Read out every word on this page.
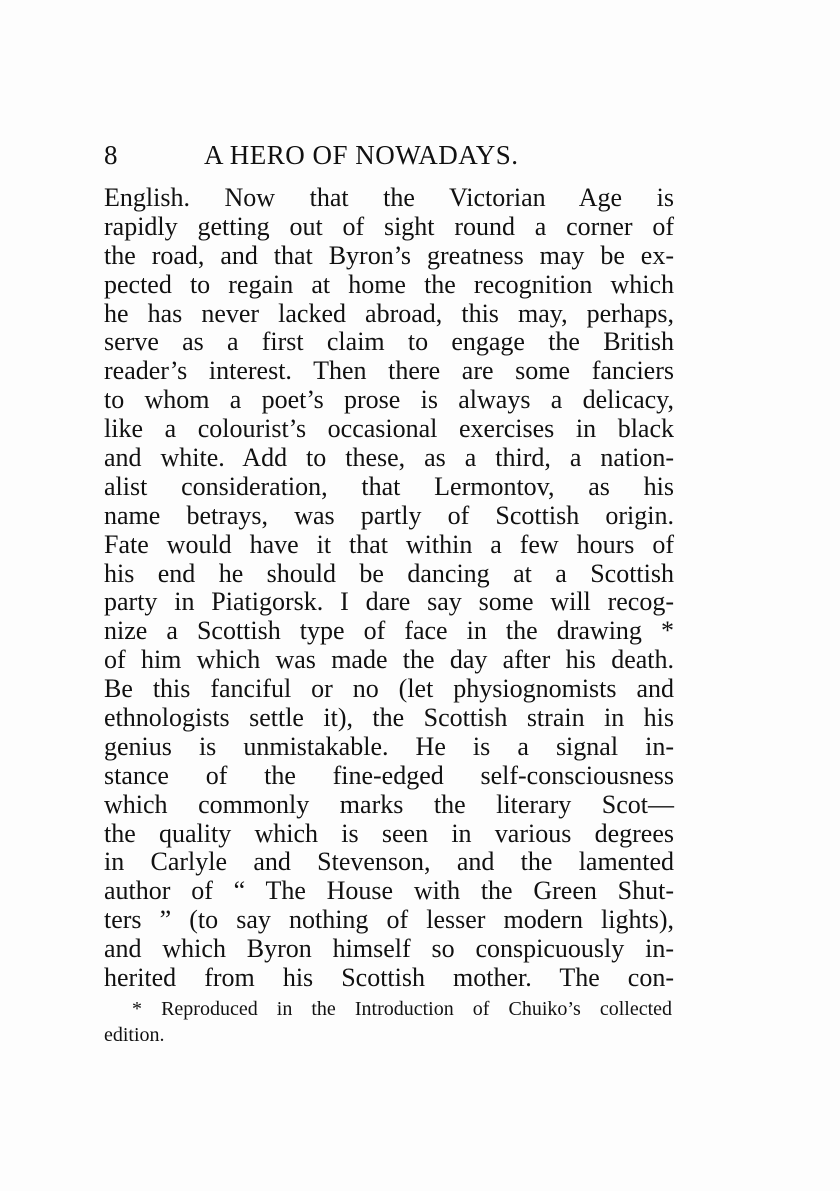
8	A HERO OF NOWADAYS.
English. Now that the Victorian Age is
rapidly getting out of sight round a corner of
the road, and that Byron’s greatness may be ex-
pected to regain at home the recognition which
he has never lacked abroad, this may, perhaps,
serve as a first claim to engage the British
reader’s interest. Then there are some fanciers
to whom a poet’s prose is always a delicacy,
like a colourist’s occasional exercises in black
and white. Add to these, as a third, a nation-
alist consideration, that Lermontov, as his
name betrays, was partly of Scottish origin.
Fate would have it that within a few hours of
his end he should be dancing at a Scottish
party in Piatigorsk. I dare say some will recog-
nize a Scottish type of face in the drawing *
of him which was made the day after his death.
Be this fanciful or no (let physiognomists and
ethnologists settle it), the Scottish strain in his
genius is unmistakable. He is a signal in-
stance of the fine-edged self-consciousness
which commonly marks the literary Scot—
the quality which is seen in various degrees
in Carlyle and Stevenson, and the lamented
author of “ The House with the Green Shut-
ters ” (to say nothing of lesser modern lights),
and which Byron himself so conspicuously in-
herited from his Scottish mother. The con-
* Reproduced in the Introduction of Chuiko’s collected
edition.
